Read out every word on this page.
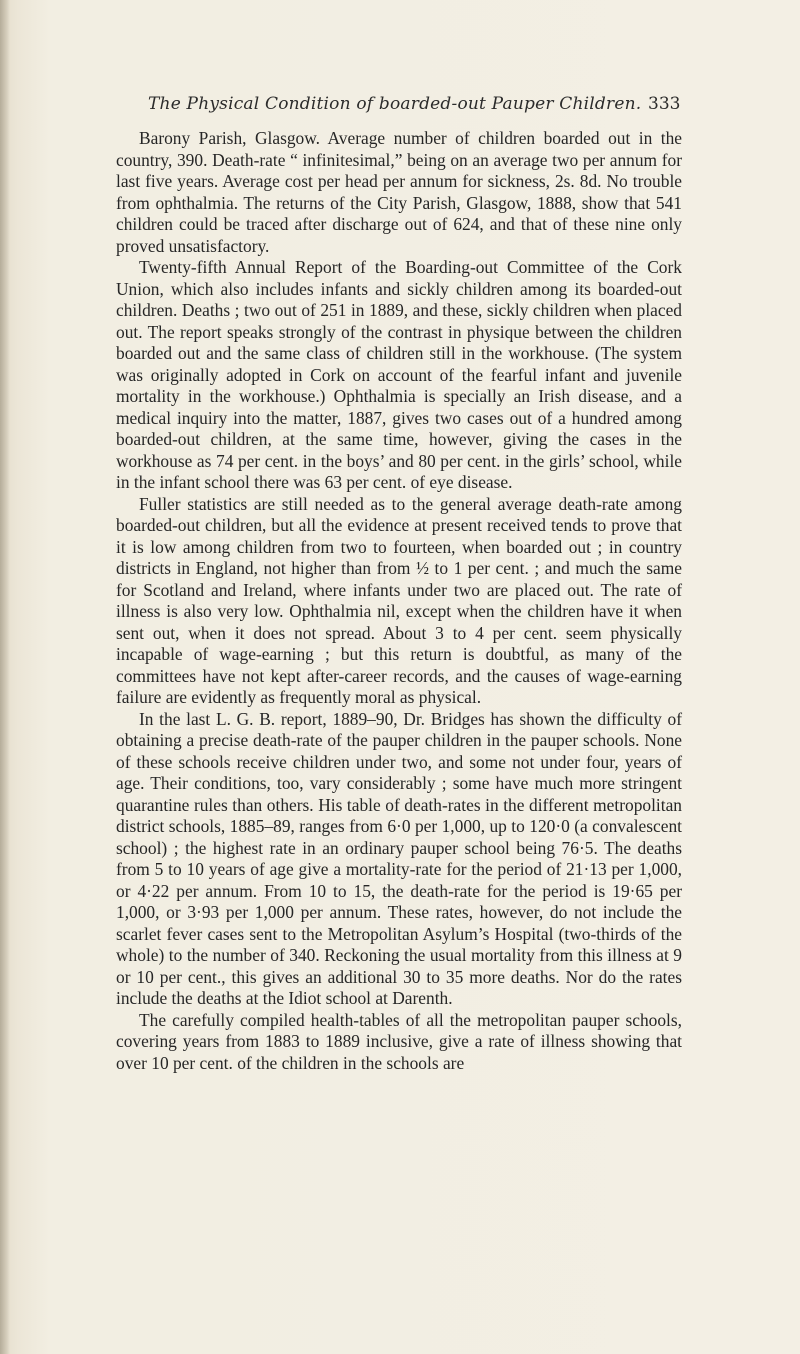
The Physical Condition of boarded-out Pauper Children. 333

Barony Parish, Glasgow. Average number of children boarded out in the country, 390. Death-rate “ infinitesimal,” being on an average two per annum for last five years. Average cost per head per annum for sickness, 2s. 8d. No trouble from ophthalmia. The returns of the City Parish, Glasgow, 1888, show that 541 children could be traced after discharge out of 624, and that of these nine only proved unsatisfactory.

Twenty-fifth Annual Report of the Boarding-out Committee of the Cork Union, which also includes infants and sickly children among its boarded-out children. Deaths ; two out of 251 in 1889, and these, sickly children when placed out. The report speaks strongly of the contrast in physique between the children boarded out and the same class of children still in the workhouse. (The system was originally adopted in Cork on account of the fearful infant and juvenile mortality in the workhouse.) Ophthalmia is specially an Irish disease, and a medical inquiry into the matter, 1887, gives two cases out of a hundred among boarded-out children, at the same time, however, giving the cases in the workhouse as 74 per cent. in the boys’ and 80 per cent. in the girls’ school, while in the infant school there was 63 per cent. of eye disease.

Fuller statistics are still needed as to the general average death-rate among boarded-out children, but all the evidence at present received tends to prove that it is low among children from two to fourteen, when boarded out ; in country districts in England, not higher than from ½ to 1 per cent. ; and much the same for Scotland and Ireland, where infants under two are placed out. The rate of illness is also very low. Ophthalmia nil, except when the children have it when sent out, when it does not spread. About 3 to 4 per cent. seem physically incapable of wage-earning ; but this return is doubtful, as many of the committees have not kept after-career records, and the causes of wage-earning failure are evidently as frequently moral as physical.

In the last L. G. B. report, 1889–90, Dr. Bridges has shown the difficulty of obtaining a precise death-rate of the pauper children in the pauper schools. None of these schools receive children under two, and some not under four, years of age. Their conditions, too, vary considerably ; some have much more stringent quarantine rules than others. His table of death-rates in the different metropolitan district schools, 1885–89, ranges from 6·0 per 1,000, up to 120·0 (a convalescent school) ; the highest rate in an ordinary pauper school being 76·5. The deaths from 5 to 10 years of age give a mortality-rate for the period of 21·13 per 1,000, or 4·22 per annum. From 10 to 15, the death-rate for the period is 19·65 per 1,000, or 3·93 per 1,000 per annum. These rates, however, do not include the scarlet fever cases sent to the Metropolitan Asylum’s Hospital (two-thirds of the whole) to the number of 340. Reckoning the usual mortality from this illness at 9 or 10 per cent., this gives an additional 30 to 35 more deaths. Nor do the rates include the deaths at the Idiot school at Darenth.

The carefully compiled health-tables of all the metropolitan pauper schools, covering years from 1883 to 1889 inclusive, give a rate of illness showing that over 10 per cent. of the children in the schools are
